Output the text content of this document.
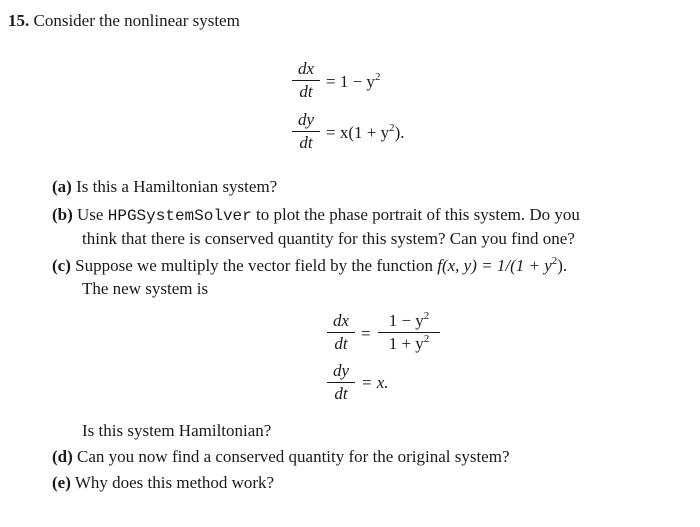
15. Consider the nonlinear system
dx
dt
= $1 - y^2$
dy
dt
= $x(1 + y^2)$.
(a) Is this a Hamiltonian system?
(b) Use HPGSystemSolver to plot the phase portrait of this system. Do you
think that there is conserved quantity for this system? Can you find one?
(c) Suppose we multiply the vector field by the function f(x, $y) = 1/(1 + y^2)$.
The new system is
dx
dt
=
$1 - y^2$
$1 + y^2$
dy
dt
= x.
Is this system Hamiltonian?
(d) Can you now find a conserved quantity for the original system?
(e) Why does this method work?
